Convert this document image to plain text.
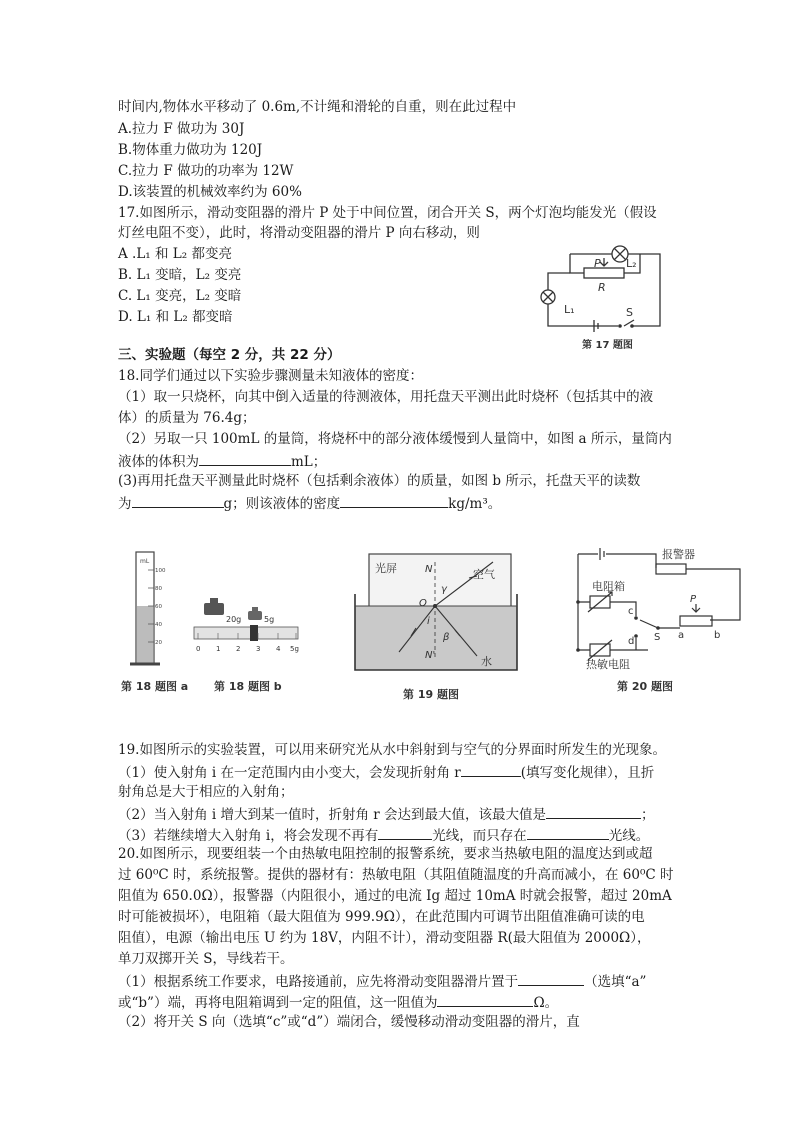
时间内,物体水平移动了 0.6m,不计绳和滑轮的自重，则在此过程中
A.拉力 F 做功为 30J
B.物体重力做功为 120J
C.拉力 F 做功的功率为 12W
D.该装置的机械效率约为 60%
17.如图所示，滑动变阻器的滑片 P 处于中间位置，闭合开关 S，两个灯泡均能发光（假设
灯丝电阻不变），此时，将滑动变阻器的滑片 P 向右移动，则
A .L₁ 和 L₂ 都变亮
B. L₁ 变暗，L₂ 变亮
C. L₁ 变亮，L₂ 变暗
D. L₁ 和 L₂ 都变暗
L₂
P
R
L₁	S
第 17 题图
三、实验题（每空 2 分，共 22 分）
18.同学们通过以下实验步骤测量未知液体的密度：
（1）取一只烧杯，向其中倒入适量的待测液体，用托盘天平测出此时烧杯（包括其中的液
体）的质量为 76.4g；
（2）另取一只 100mL 的量筒，将烧杯中的部分液体缓慢到人量筒中，如图 a 所示，量筒内
液体的体积为	mL；
(3)再用托盘天平测量此时烧杯（包括剩余液体）的质量，如图 b 所示，托盘天平的读数
为	g；则该液体的密度	kg/m³。
mL
100
80
60
40
20
20g	5g
0 1 2 3 4 5g
第 18 题图 a 第 18 题图 b
光屏	空气
水
N
N'
O
γ
β
i
第 19 题图
报警器
电阻箱
热敏电阻
c
d S a	b
P
第 20 题图
19.如图所示的实验装置，可以用来研究光从水中斜射到与空气的分界面时所发生的光现象。
（1）使入射角 i 在一定范围内由小变大，会发现折射角 r	(填写变化规律），且折
射角总是大于相应的入射角；
（2）当入射角 i 增大到某一值时，折射角 r 会达到最大值，该最大值是	；
（3）若继续增大入射角 i，将会发现不再有	光线，而只存在	光线。
20.如图所示，现要组装一个由热敏电阻控制的报警系统，要求当热敏电阻的温度达到或超
过 60⁰C 时，系统报警。提供的器材有：热敏电阻（其阻值随温度的升高而减小，在 60⁰C 时
阻值为 650.0Ω），报警器（内阻很小，通过的电流 Ig 超过 10mA 时就会报警，超过 20mA
时可能被损坏），电阻箱（最大阻值为 999.9Ω），在此范围内可调节出阻值准确可读的电
阻值），电源（输出电压 U 约为 18V，内阻不计），滑动变阻器 R(最大阻值为 2000Ω），
单刀双掷开关 S，导线若干。
（1）根据系统工作要求，电路接通前，应先将滑动变阻器滑片置于	（选填“a”
或“b”）端，再将电阻箱调到一定的阻值，这一阻值为	Ω。
（2）将开关 S 向（选填“c”或“d”）端闭合，缓慢移动滑动变阻器的滑片，直
